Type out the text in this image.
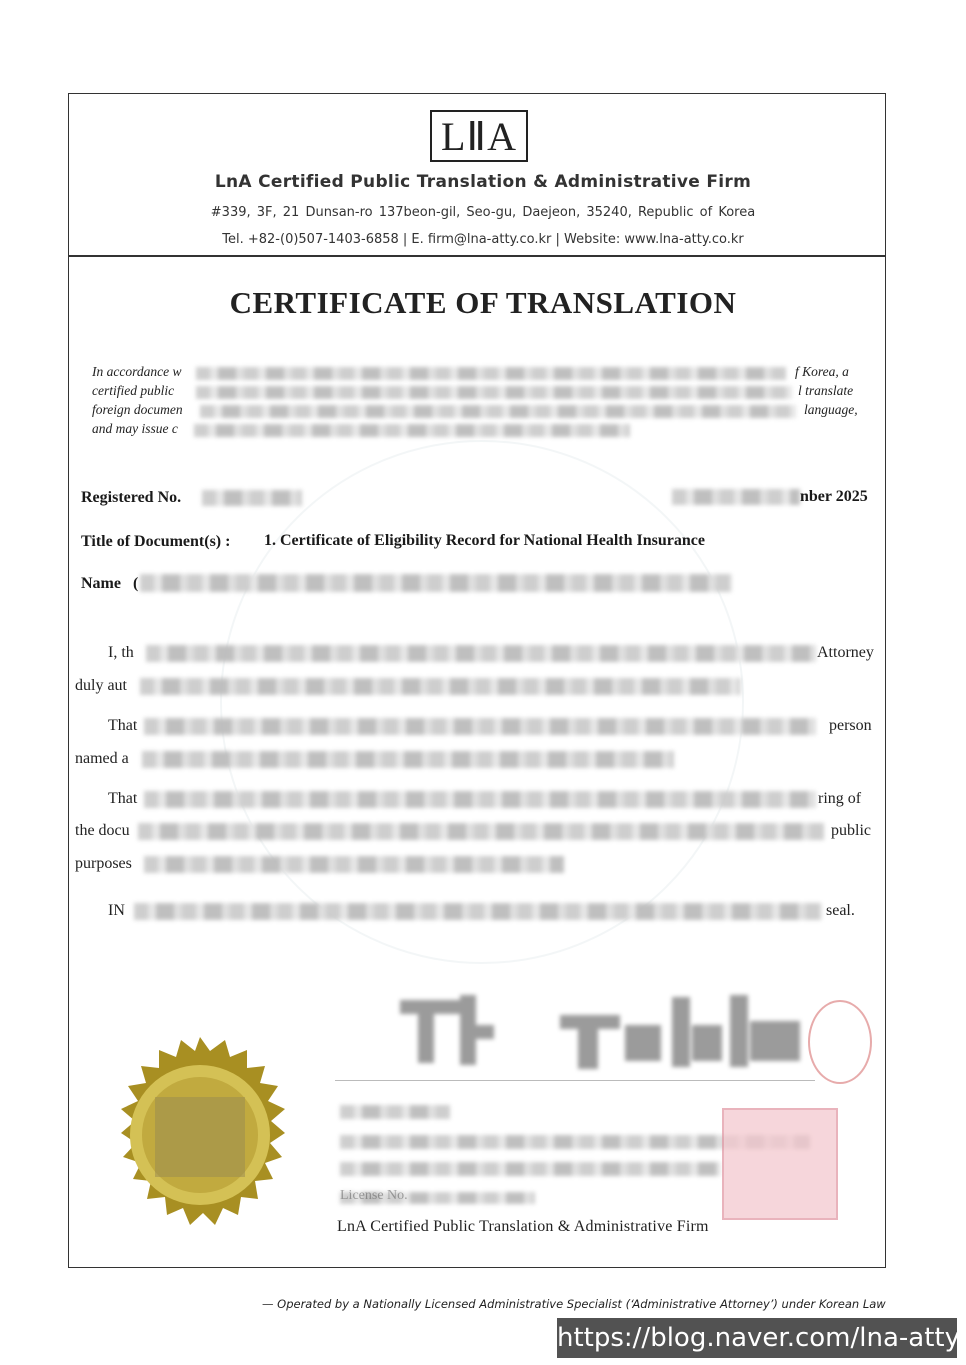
LⅡA
LnA Certified Public Translation & Administrative Firm
#339, 3F, 21 Dunsan-ro 137beon-gil, Seo-gu, Daejeon, 35240, Republic of Korea
Tel. +82-(0)507-1403-6858 | E. firm@lna-atty.co.kr | Website: www.lna-atty.co.kr
CERTIFICATE OF TRANSLATION
In accordance w	f Korea, a
certified public	l translate
foreign documen	language,
and may issue c
Registered No.	nber 2025
Title of Document(s) : 1. Certificate of Eligibility Record for National Health Insurance
Name (
I, th	Attorney
duly aut
That	person
named a
That	ring of
the docu	public
purposes
IN	seal.
License No.
LnA Certified Public Translation & Administrative Firm
— Operated by a Nationally Licensed Administrative Specialist (‘Administrative Attorney’) under Korean Law
https://blog.naver.com/lna-atty
